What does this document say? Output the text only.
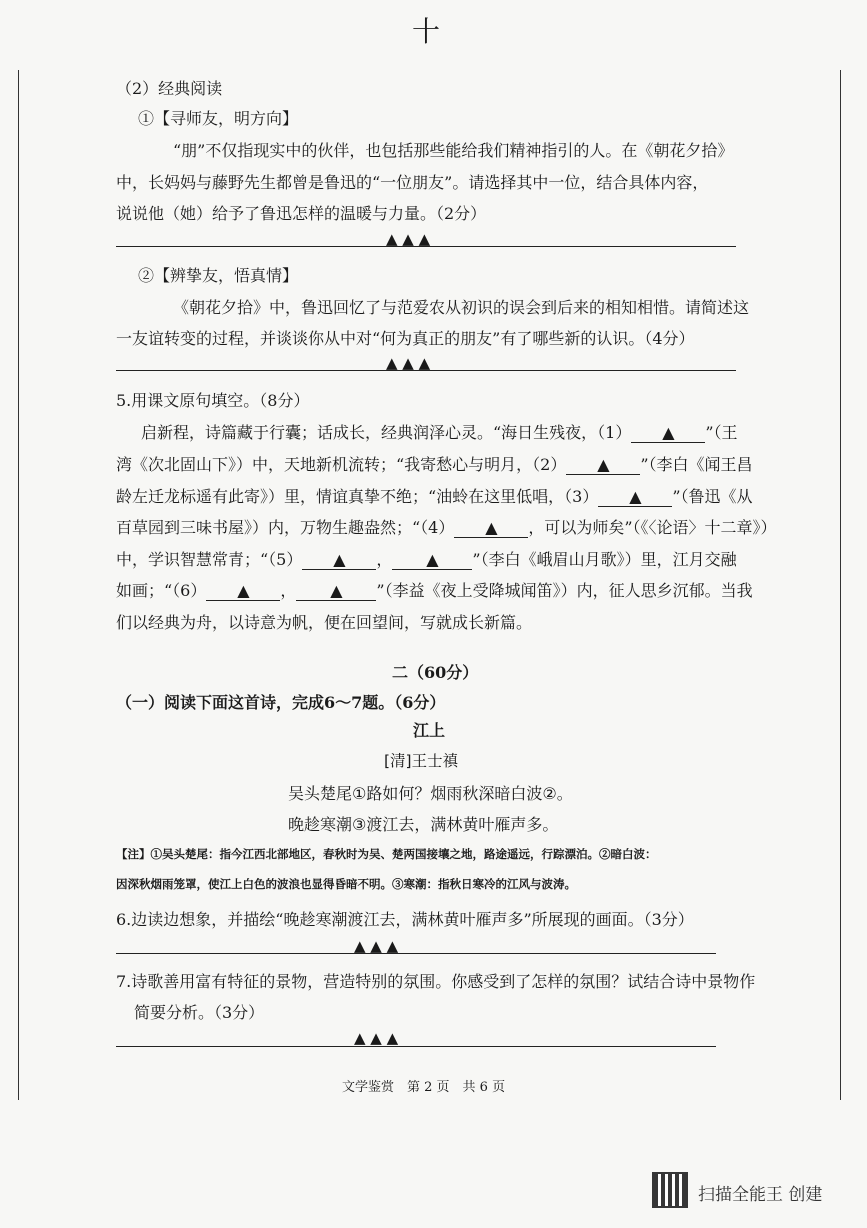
十
（2）经典阅读
①【寻师友，明方向】
“朋”不仅指现实中的伙伴，也包括那些能给我们精神指引的人。在《朝花夕拾》
中，长妈妈与藤野先生都曾是鲁迅的“一位朋友”。请选择其中一位，结合具体内容，
说说他（她）给予了鲁迅怎样的温暖与力量。（2分）
▲ ▲ ▲
②【辨挚友，悟真情】
《朝花夕拾》中，鲁迅回忆了与范爱农从初识的误会到后来的相知相惜。请简述这
一友谊转变的过程，并谈谈你从中对“何为真正的朋友”有了哪些新的认识。（4分）
▲ ▲ ▲
5.用课文原句填空。（8分）
启新程，诗篇藏于行囊；话成长，经典润泽心灵。“海日生残夜，（1） ▲ ”（王
湾《次北固山下》）中，天地新机流转；“我寄愁心与明月，（2） ▲ ”（李白《闻王昌
龄左迁龙标遥有此寄》）里，情谊真挚不绝；“油蛉在这里低唱，（3） ▲ ”（鲁迅《从
百草园到三味书屋》）内，万物生趣盎然；“（4） ▲ ，可以为师矣”（《〈论语〉十二章》）
中，学识智慧常青；“（5） ▲ ， ▲ ”（李白《峨眉山月歌》）里，江月交融
如画；“（6） ▲ ， ▲ ”（李益《夜上受降城闻笛》）内，征人思乡沉郁。当我
们以经典为舟，以诗意为帆，便在回望间，写就成长新篇。
二（60分）
（一）阅读下面这首诗，完成6～7题。（6分）
江上
[清]王士禛
吴头楚尾①路如何？烟雨秋深暗白波②。
晚趁寒潮③渡江去，满林黄叶雁声多。
【注】①吴头楚尾：指今江西北部地区，春秋时为吴、楚两国接壤之地，路途遥远，行踪漂泊。②暗白波：
因深秋烟雨笼罩，使江上白色的波浪也显得昏暗不明。③寒潮：指秋日寒冷的江风与波涛。
6.边读边想象，并描绘“晚趁寒潮渡江去，满林黄叶雁声多”所展现的画面。（3分）
▲ ▲ ▲
7.诗歌善用富有特征的景物，营造特别的氛围。你感受到了怎样的氛围？试结合诗中景物作
简要分析。（3分）
▲ ▲ ▲
文学鉴赏　第 2 页　共 6 页
扫描全能王 创建
